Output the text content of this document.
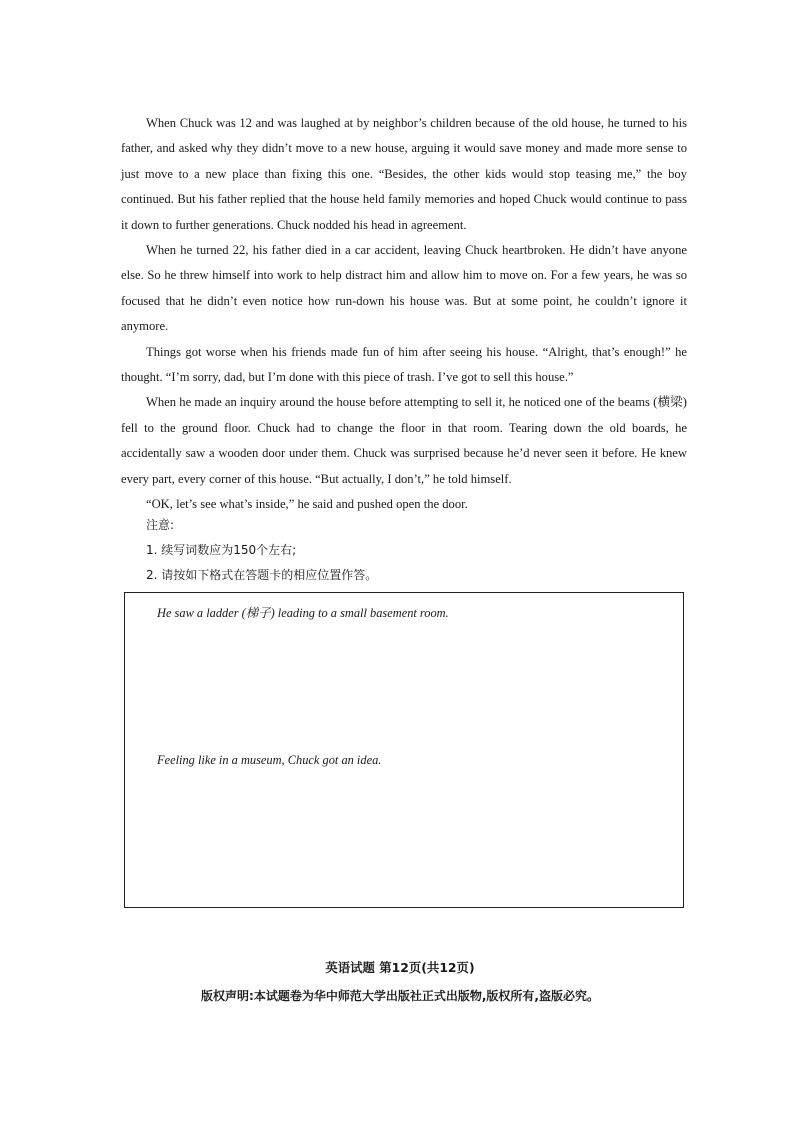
When Chuck was 12 and was laughed at by neighbor’s children because of the old house, he turned to his father, and asked why they didn’t move to a new house, arguing it would save money and made more sense to just move to a new place than fixing this one. “Besides, the other kids would stop teasing me,” the boy continued. But his father replied that the house held family memories and hoped Chuck would continue to pass it down to further generations. Chuck nodded his head in agreement.

When he turned 22, his father died in a car accident, leaving Chuck heartbroken. He didn’t have anyone else. So he threw himself into work to help distract him and allow him to move on. For a few years, he was so focused that he didn’t even notice how run-down his house was. But at some point, he couldn’t ignore it anymore.

Things got worse when his friends made fun of him after seeing his house. “Alright, that’s enough!” he thought. “I’m sorry, dad, but I’m done with this piece of trash. I’ve got to sell this house.”

When he made an inquiry around the house before attempting to sell it, he noticed one of the beams (横梁) fell to the ground floor. Chuck had to change the floor in that room. Tearing down the old boards, he accidentally saw a wooden door under them. Chuck was surprised because he’d never seen it before. He knew every part, every corner of this house. “But actually, I don’t,” he told himself.

“OK, let’s see what’s inside,” he said and pushed open the door.

注意:

1. 续写词数应为150个左右;

2. 请按如下格式在答题卡的相应位置作答。

He saw a ladder (梯子) leading to a small basement room.

Feeling like in a museum, Chuck got an idea.

英语试题 第12页(共12页)
版权声明:本试题卷为华中师范大学出版社正式出版物,版权所有,盗版必究。
